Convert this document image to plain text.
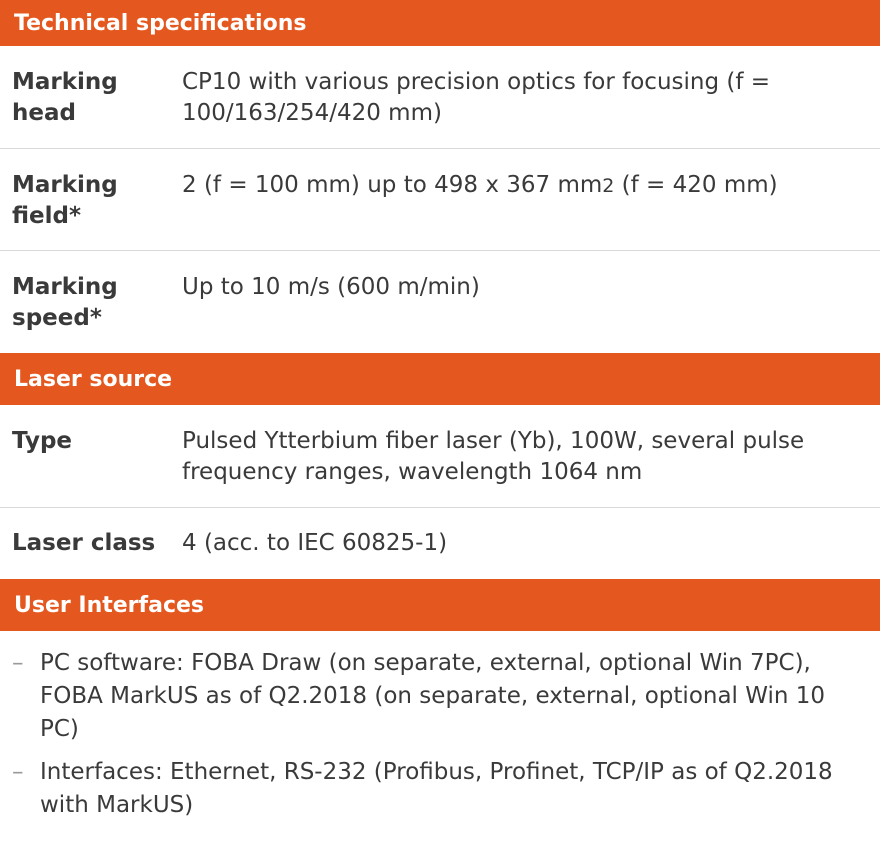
Technical specifications
Marking head
CP10 with various precision optics for focusing (f = 100/163/254/420 mm)
Marking field*
2 (f = 100 mm) up to 498 x 367 mm2 (f = 420 mm)
Marking speed*
Up to 10 m/s (600 m/min)
Laser source
Type	Pulsed Ytterbium fiber laser (Yb), 100W, several pulse frequency ranges, wavelength 1064 nm
Laser class	4 (acc. to IEC 60825-1)
User Interfaces
– PC software: FOBA Draw (on separate, external, optional Win 7PC), FOBA MarkUS as of Q2.2018 (on separate, external, optional Win 10 PC)
– Interfaces: Ethernet, RS-232 (Profibus, Profinet, TCP/IP as of Q2.2018 with MarkUS)
